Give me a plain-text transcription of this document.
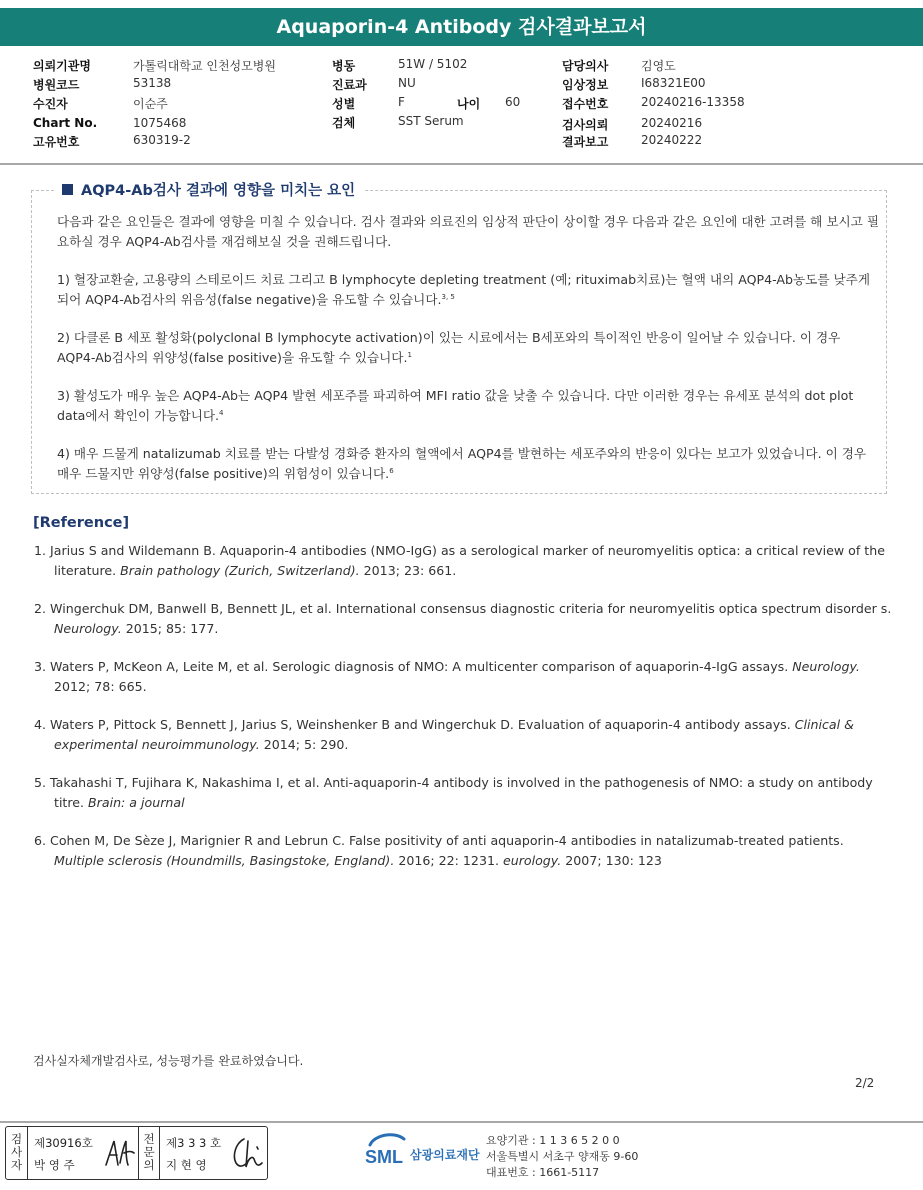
Aquaporin-4 Antibody 검사결과보고서
의뢰기관명	가톨릭대학교 인천성모병원
병원코드	53138
수진자	이순주
Chart No.	1075468
고유번호	630319-2
병동	51W / 5102
진료과	NU
성별	F	나이 60
검체	SST Serum
담당의사	김영도
임상정보	I68321E00
접수번호	20240216-13358
검사의뢰	20240216
결과보고	20240222
AQP4-Ab검사 결과에 영향을 미치는 요인

다음과 같은 요인들은 결과에 영향을 미칠 수 있습니다. 검사 결과와 의료진의 임상적 판단이 상이할 경우 다음과 같은 요인에 대한 고려를 해 보시고 필요하실 경우 AQP4-Ab검사를 재검해보실 것을 권해드립니다.

1) 혈장교환술, 고용량의 스테로이드 치료 그리고 B lymphocyte depleting treatment (예; rituximab치료)는 혈액 내의 AQP4-Ab농도를 낮주게 되어 AQP4-Ab검사의 위음성(false negative)을 유도할 수 있습니다.$^{3, 5}$

2) 다클론 B 세포 활성화(polyclonal B lymphocyte activation)이 있는 시료에서는 B세포와의 특이적인 반응이 일어날 수 있습니다. 이 경우 AQP4-Ab검사의 위양성(false positive)을 유도할 수 있습니다.$^1$

3) 활성도가 매우 높은 AQP4-Ab는 AQP4 발현 세포주를 파괴하여 MFI ratio 값을 낮출 수 있습니다. 다만 이러한 경우는 유세포 분석의 dot plot data에서 확인이 가능합니다.$^4$

4) 매우 드물게 natalizumab 치료를 받는 다발성 경화증 환자의 혈액에서 AQP4를 발현하는 세포주와의 반응이 있다는 보고가 있었습니다. 이 경우 매우 드물지만 위양성(false positive)의 위험성이 있습니다.$^6$

[Reference]
1. Jarius S and Wildemann B. Aquaporin-4 antibodies (NMO-IgG) as a serological marker of neuromyelitis optica: a critical review of the literature. Brain pathology (Zurich, Switzerland). 2013; 23: 661.
2. Wingerchuk DM, Banwell B, Bennett JL, et al. International consensus diagnostic criteria for neuromyelitis optica spectrum disorder s. Neurology. 2015; 85: 177.
3. Waters P, McKeon A, Leite M, et al. Serologic diagnosis of NMO: A multicenter comparison of aquaporin-4-IgG assays. Neurology. 2012; 78: 665.
4. Waters P, Pittock S, Bennett J, Jarius S, Weinshenker B and Wingerchuk D. Evaluation of aquaporin-4 antibody assays. Clinical & experimental neuroimmunology. 2014; 5: 290.
5. Takahashi T, Fujihara K, Nakashima I, et al. Anti-aquaporin-4 antibody is involved in the pathogenesis of NMO: a study on antibody titre. Brain: a journal
6. Cohen M, De Sèze J, Marignier R and Lebrun C. False positivity of anti aquaporin-4 antibodies in natalizumab-treated patients. Multiple sclerosis (Houndmills, Basingstoke, England). 2016; 22: 1231. eurology. 2007; 130: 123
검사실자체개발검사로, 성능평가를 완료하였습니다.
2/2
검
사
자
제30916호
박 영 주
전
문
의
제3 3 3 호
지 현 영	SML 삼광의료재단
요양기관 : 1 1 3 6 5 2 0 0
서울특별시 서초구 양재동 9-60
대표번호 : 1661-5117
